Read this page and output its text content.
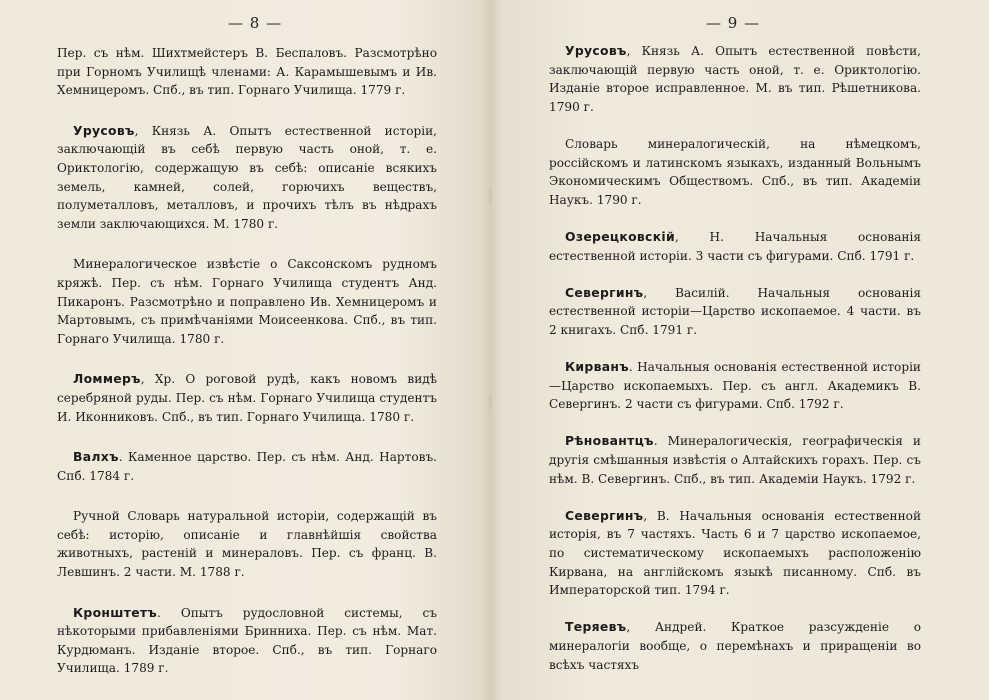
— 8 —

Пер. съ нѣм. Шихтмейстеръ В. Беспаловъ. Разсмотрѣно при Горномъ Училищѣ членами: А. Карамышевымъ и Ив. Хемницеромъ. Спб., въ тип. Горнаго Училища. 1779 г.

Урусовъ, Князь А. Опытъ естественной исторіи, заключающій въ себѣ первую часть оной, т. е. Ориктологію, содержащую въ себѣ: описаніе всякихъ земель, камней, солей, горючихъ веществъ, полуметалловъ, металловъ, и прочихъ тѣлъ въ нѣдрахъ земли заключающихся. М. 1780 г.

Минералогическое извѣстіе о Саксонскомъ рудномъ кряжѣ. Пер. съ нѣм. Горнаго Училища студентъ Анд. Пикаронъ. Разсмотрѣно и поправлено Ив. Хемницеромъ и Мартовымъ, съ примѣчаніями Моисеенкова. Спб., въ тип. Горнаго Училища. 1780 г.

Ломмеръ, Хр. О роговой рудѣ, какъ новомъ видѣ серебряной руды. Пер. съ нѣм. Горнаго Училища студентъ И. Иконниковъ. Спб., въ тип. Горнаго Училища. 1780 г.

Валхъ. Каменное царство. Пер. съ нѣм. Анд. Нартовъ. Спб. 1784 г.

Ручной Словарь натуральной исторіи, содержащій въ себѣ: исторію, описаніе и главнѣйшія свойства животныхъ, растеній и минераловъ. Пер. съ франц. В. Левшинъ. 2 части. М. 1788 г.

Кронштетъ. Опытъ рудословной системы, съ нѣкоторыми прибавленіями Бринниха. Пер. съ нѣм. Мат. Курдюманъ. Изданіе второе. Спб., въ тип. Горнаго Училища. 1789 г.

— 9 —

Урусовъ, Князь А. Опытъ естественной повѣсти, заключающій первую часть оной, т. е. Ориктологію. Изданіе второе исправленное. М. въ тип. Рѣшетникова. 1790 г.

Словарь минералогическій, на нѣмецкомъ, россійскомъ и латинскомъ языкахъ, изданный Вольнымъ Экономическимъ Обществомъ. Спб., въ тип. Академіи Наукъ. 1790 г.

Озерецковскій, Н. Начальныя основанія естественной исторіи. 3 части съ фигурами. Спб. 1791 г.

Севергинъ, Василій. Начальныя основанія естественной исторіи—Царство ископаемое. 4 части. въ 2 книгахъ. Спб. 1791 г.

Кирванъ. Начальныя основанія естественной исторіи—Царство ископаемыхъ. Пер. съ англ. Академикъ В. Севергинъ. 2 части съ фигурами. Спб. 1792 г.

Рѣновантцъ. Минералогическія, географическія и другія смѣшанныя извѣстія о Алтайскихъ горахъ. Пер. съ нѣм. В. Севергинъ. Спб., въ тип. Академіи Наукъ. 1792 г.

Севергинъ, В. Начальныя основанія естественной исторія, въ 7 частяхъ. Часть 6 и 7 царство ископаемое, по систематическому ископаемыхъ расположенію Кирвана, на англійскомъ языкѣ писанному. Спб. въ Императорской тип. 1794 г.

Теряевъ, Андрей. Краткое разсужденіе о минералогіи вообще, о перемѣнахъ и приращеніи во всѣхъ частяхъ
